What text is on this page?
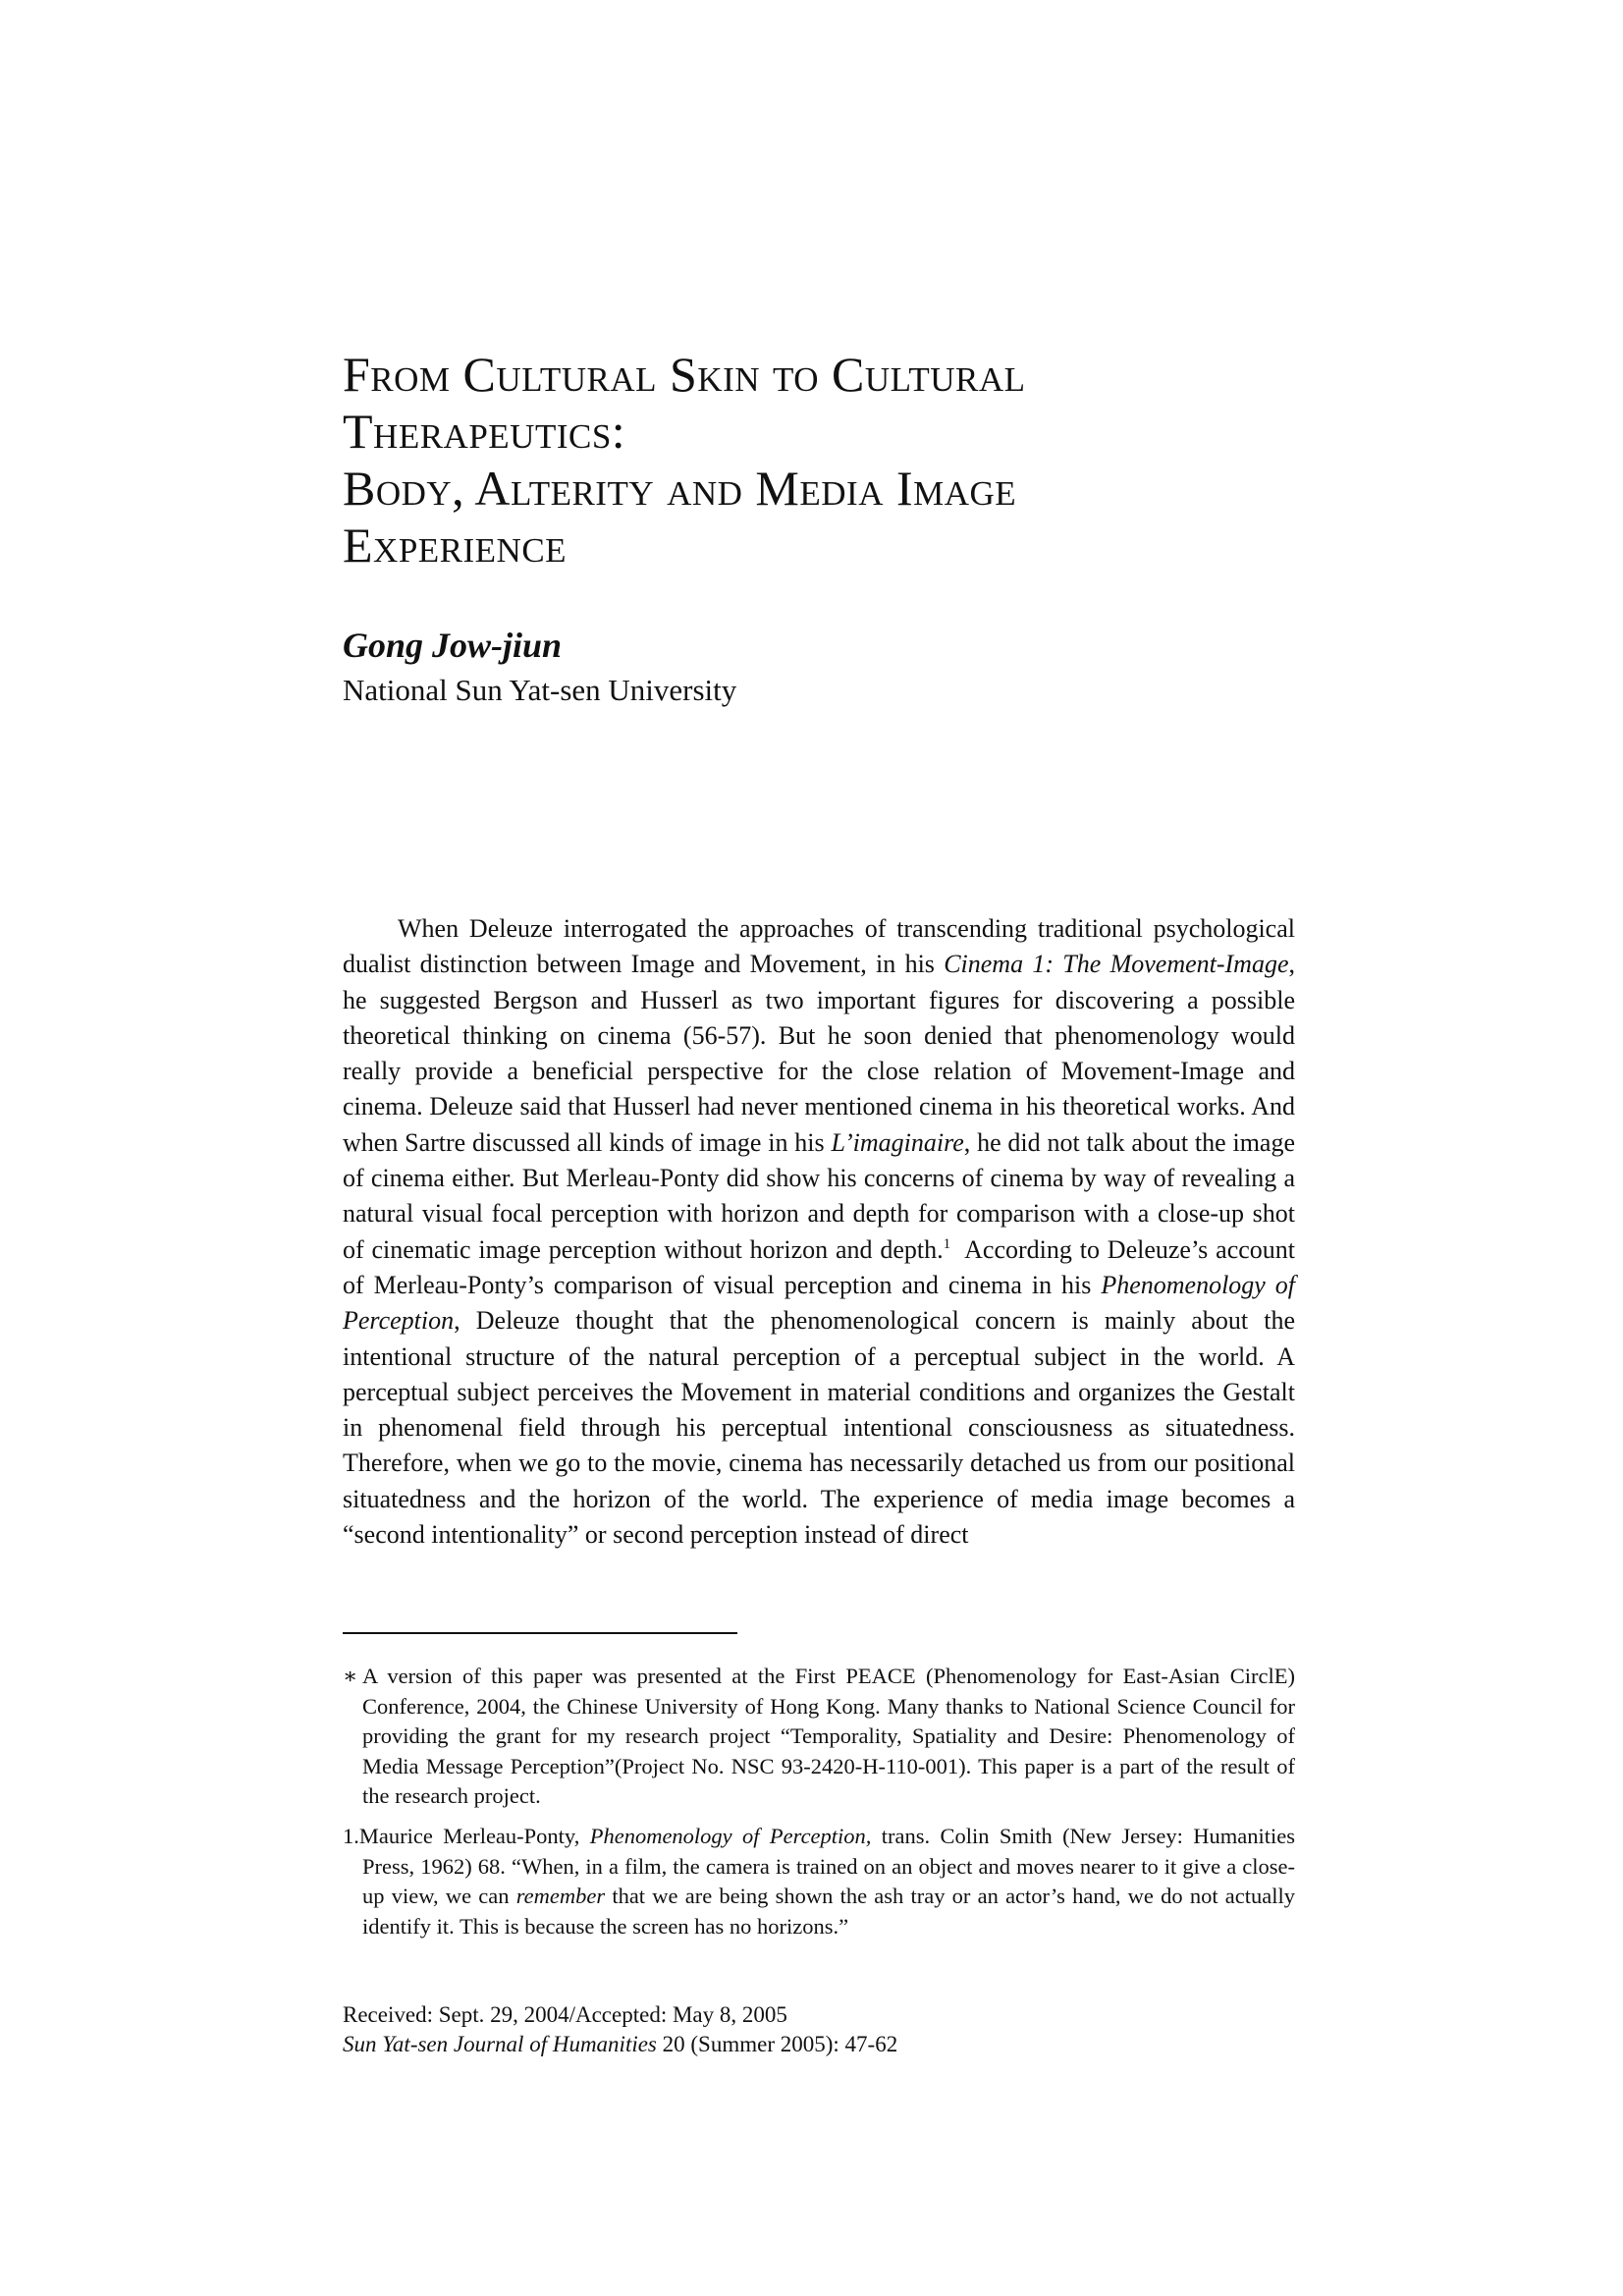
From Cultural Skin to Cultural
Therapeutics:
Body, Alterity and Media Image
Experience
Gong Jow-jiun
National Sun Yat-sen University

When Deleuze interrogated the approaches of transcending traditional psychological dualist distinction between Image and Movement, in his Cinema 1: The Movement-Image, he suggested Bergson and Husserl as two important figures for discovering a possible theoretical thinking on cinema (56-57). But he soon denied that phenomenology would really provide a beneficial perspective for the close relation of Movement-Image and cinema. Deleuze said that Husserl had never mentioned cinema in his theoretical works. And when Sartre discussed all kinds of image in his L’imaginaire, he did not talk about the image of cinema either. But Merleau-Ponty did show his concerns of cinema by way of revealing a natural visual focal perception with horizon and depth for comparison with a close-up shot of cinematic image perception without horizon and depth.$^1$ According to Deleuze’s account of Merleau-Ponty’s comparison of visual perception and cinema in his Phenomenology of Perception, Deleuze thought that the phenomenological concern is mainly about the intentional structure of the natural perception of a perceptual subject in the world. A perceptual subject perceives the Movement in material conditions and organizes the Gestalt in phenomenal field through his perceptual intentional consciousness as situatedness. Therefore, when we go to the movie, cinema has necessarily detached us from our positional situatedness and the horizon of the world. The experience of media image becomes a “second intentionality” or second perception instead of direct

∗ A version of this paper was presented at the First PEACE (Phenomenology for East-Asian CirclE) Conference, 2004, the Chinese University of Hong Kong. Many thanks to National Science Council for providing the grant for my research project “Temporality, Spatiality and Desire: Phenomenology of Media Message Perception”(Project No. NSC 93-2420-H-110-001). This paper is a part of the result of the research project.

1.Maurice Merleau-Ponty, Phenomenology of Perception, trans. Colin Smith (New Jersey: Humanities Press, 1962) 68. “When, in a film, the camera is trained on an object and moves nearer to it give a close-up view, we can remember that we are being shown the ash tray or an actor’s hand, we do not actually identify it. This is because the screen has no horizons.”

Received: Sept. 29, 2004/Accepted: May 8, 2005
Sun Yat-sen Journal of Humanities 20 (Summer 2005): 47-62
